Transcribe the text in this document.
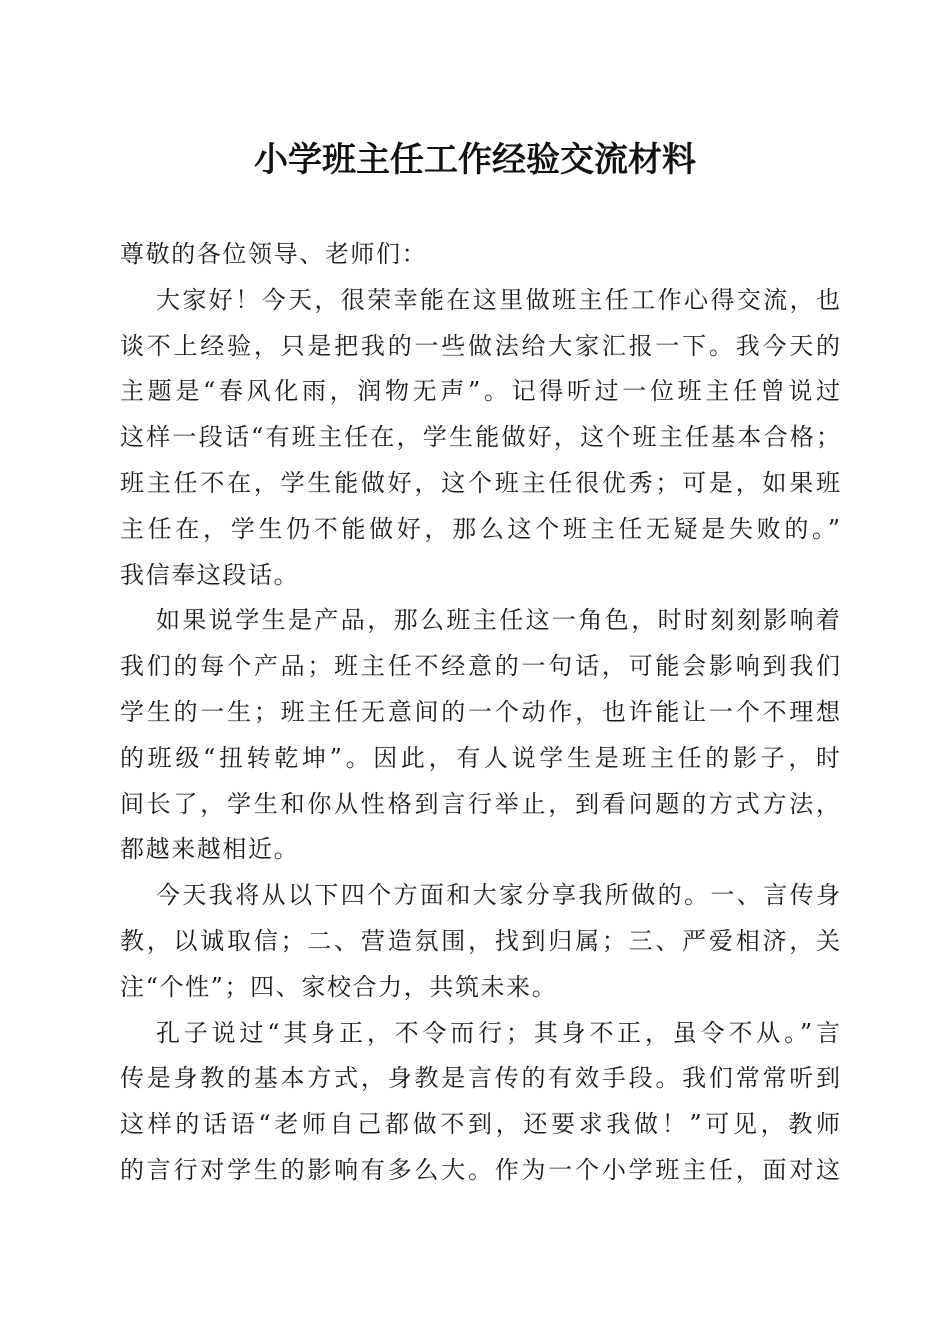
小学班主任工作经验交流材料
尊敬的各位领导、老师们：
大家好！今天，很荣幸能在这里做班主任工作心得交流，也
谈不上经验，只是把我的一些做法给大家汇报一下。我今天的
主题是“春风化雨，润物无声”。记得听过一位班主任曾说过
这样一段话“有班主任在，学生能做好，这个班主任基本合格；
班主任不在，学生能做好，这个班主任很优秀；可是，如果班
主任在，学生仍不能做好，那么这个班主任无疑是失败的。”
我信奉这段话。
如果说学生是产品，那么班主任这一角色，时时刻刻影响着
我们的每个产品；班主任不经意的一句话，可能会影响到我们
学生的一生；班主任无意间的一个动作，也许能让一个不理想
的班级“扭转乾坤”。因此，有人说学生是班主任的影子，时
间长了，学生和你从性格到言行举止，到看问题的方式方法，
都越来越相近。
今天我将从以下四个方面和大家分享我所做的。一、言传身
教，以诚取信；二、营造氛围，找到归属；三、严爱相济，关
注“个性”；四、家校合力，共筑未来。
孔子说过“其身正，不令而行；其身不正，虽令不从。”言
传是身教的基本方式，身教是言传的有效手段。我们常常听到
这样的话语“老师自己都做不到，还要求我做！”可见，教师
的言行对学生的影响有多么大。作为一个小学班主任，面对这
